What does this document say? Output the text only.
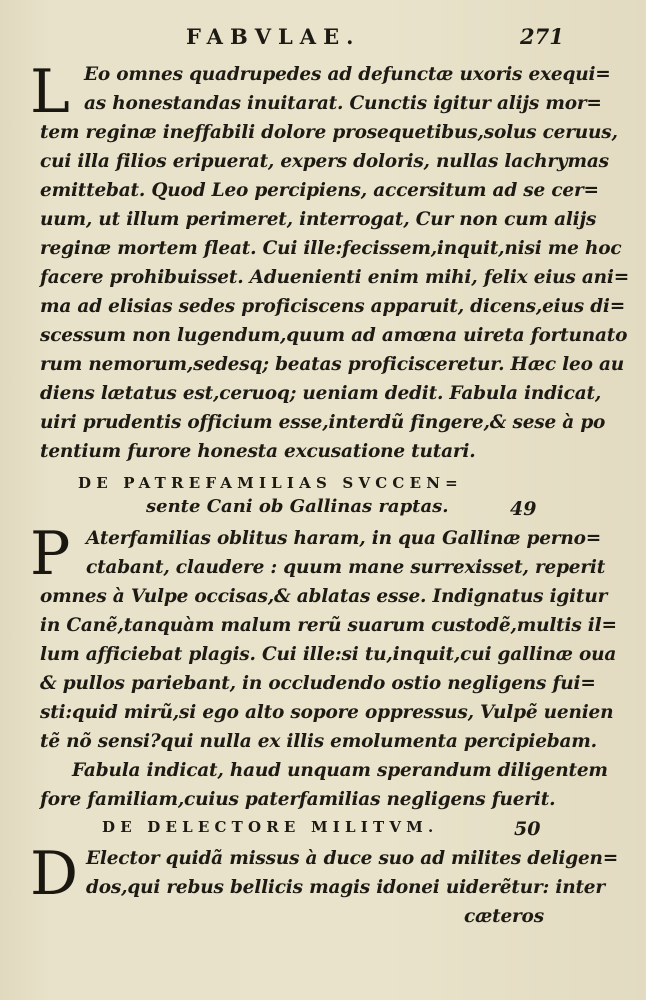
FABVLAE.	271
L Eo omnes quadrupedes ad defunctæ uxoris exequi=
as honestandas inuitarat. Cunctis igitur alijs mor=
tem reginæ ineffabili dolore prosequetibus,solus ceruus,
cui illa filios eripuerat, expers doloris, nullas lachrymas
emittebat. Quod Leo percipiens, accersitum ad se cer=
uum, ut illum perimeret, interrogat, Cur non cum alijs
reginæ mortem fleat. Cui ille:fecissem,inquit,nisi me hoc
facere prohibuisset. Aduenienti enim mihi, felix eius ani=
ma ad elisias sedes proficiscens apparuit, dicens,eius di=
scessum non lugendum,quum ad amœna uireta fortunato
rum nemorum,sedesq; beatas proficisceretur. Hæc leo au
diens lætatus est,ceruoq; ueniam dedit. Fabula indicat,
uiri prudentis officium esse,interdũ fingere,& sese à po
tentium furore honesta excusatione tutari.
DE PATREFAMILIAS SVCCEN=
sente Cani ob Gallinas raptas.	49
P Aterfamilias oblitus haram, in qua Gallinæ perno=
ctabant, claudere : quum mane surrexisset, reperit
omnes à Vulpe occisas,& ablatas esse. Indignatus igitur
in Canẽ,tanquàm malum rerũ suarum custodẽ,multis il=
lum afficiebat plagis. Cui ille:si tu,inquit,cui gallinæ oua
& pullos pariebant, in occludendo ostio negligens fui=
sti:quid mirũ,si ego alto sopore oppressus, Vulpẽ uenien
tẽ nõ sensi?qui nulla ex illis emolumenta percipiebam.
Fabula indicat, haud unquam sperandum diligentem
fore familiam,cuius paterfamilias negligens fuerit.
DE DELECTORE MILITVM.	50
D Elector quidã missus à duce suo ad milites deligen=
dos,qui rebus bellicis magis idonei uiderẽtur: inter
cæteros
